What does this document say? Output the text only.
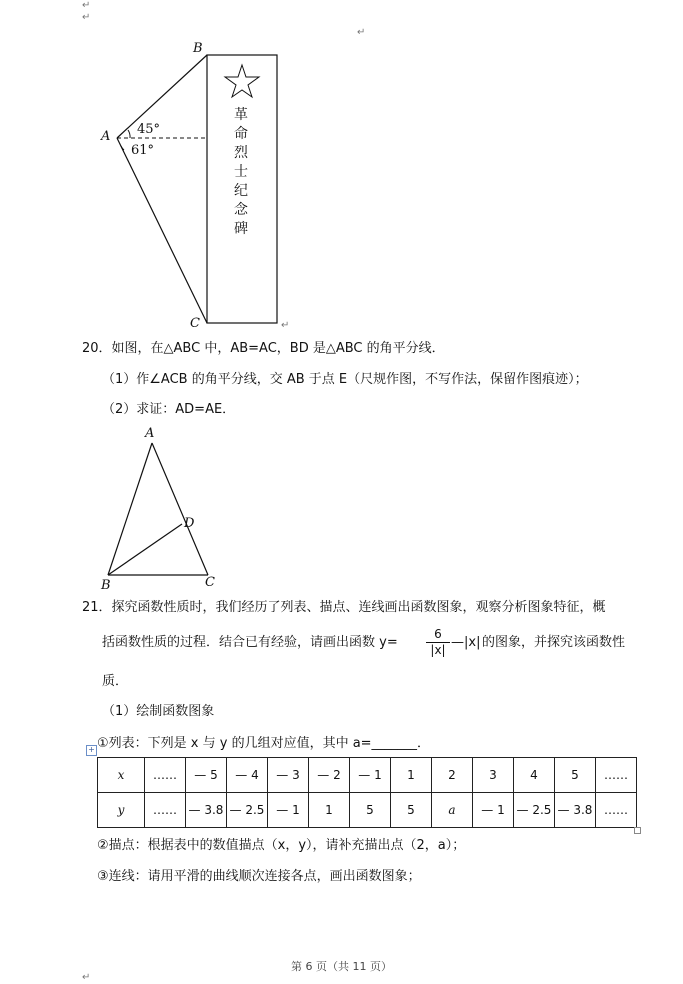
↵
↵
↵
B
A
C
45°
61°
革
命
烈
士
纪
念
碑
↵
20．如图，在△ABC 中，AB=AC，BD 是△ABC 的角平分线．
（1）作∠ACB 的角平分线，交 AB 于点 E（尺规作图，不写作法，保留作图痕迹）；
（2）求证：AD=AE．
A
D
B	C
21．探究函数性质时，我们经历了列表、描点、连线画出函数图象，观察分析图象特征，概
括函数性质的过程．结合已有经验，请画出函数 $y= \frac{6}{|x|}$ —|x| 的图象，并探究该函数性
质．
（1）绘制函数图象
+ ①列表：下列是 x 与 y 的几组对应值，其中 a=_______．
x	……	— 5	— 4	— 3	— 2	— 1	1	2	3	4	5	……
y	……	— 3.8	— 2.5	— 1	1	5	5	a	— 1	— 2.5	— 3.8	……
②描点：根据表中的数值描点（x，y），请补充描出点（2，a）；
③连线：请用平滑的曲线顺次连接各点，画出函数图象；
第 6 页（共 11 页）
↵
